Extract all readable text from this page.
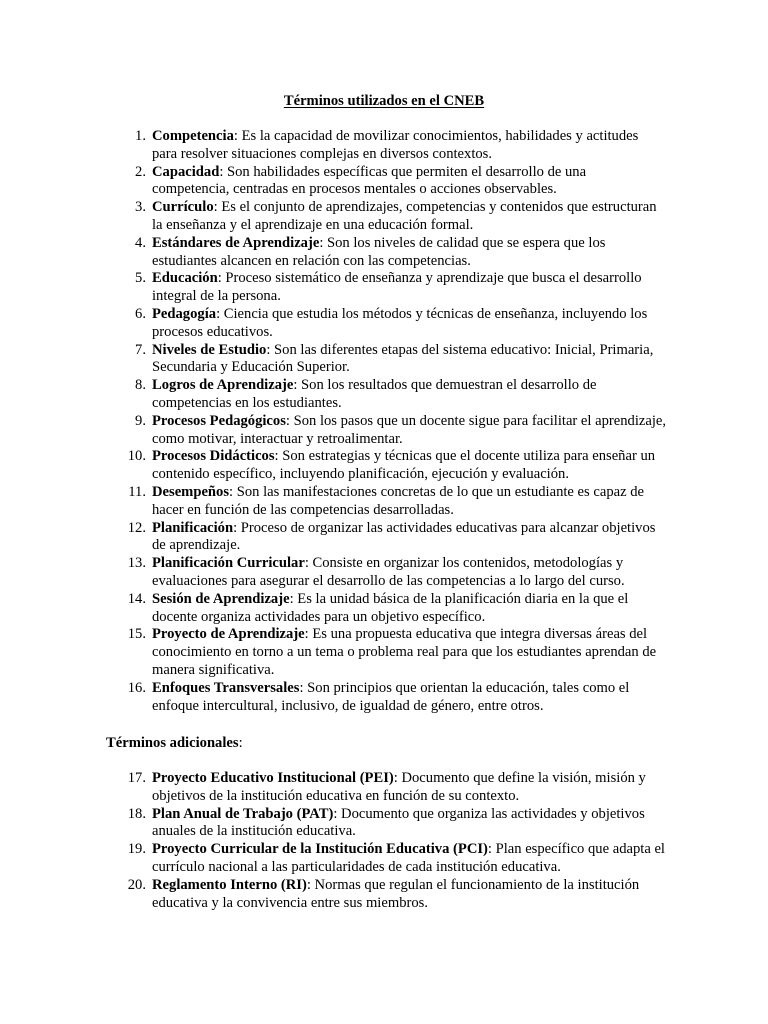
Términos utilizados en el CNEB
1. Competencia: Es la capacidad de movilizar conocimientos, habilidades y actitudes para resolver situaciones complejas en diversos contextos.
2. Capacidad: Son habilidades específicas que permiten el desarrollo de una competencia, centradas en procesos mentales o acciones observables.
3. Currículo: Es el conjunto de aprendizajes, competencias y contenidos que estructuran la enseñanza y el aprendizaje en una educación formal.
4. Estándares de Aprendizaje: Son los niveles de calidad que se espera que los estudiantes alcancen en relación con las competencias.
5. Educación: Proceso sistemático de enseñanza y aprendizaje que busca el desarrollo integral de la persona.
6. Pedagogía: Ciencia que estudia los métodos y técnicas de enseñanza, incluyendo los procesos educativos.
7. Niveles de Estudio: Son las diferentes etapas del sistema educativo: Inicial, Primaria, Secundaria y Educación Superior.
8. Logros de Aprendizaje: Son los resultados que demuestran el desarrollo de competencias en los estudiantes.
9. Procesos Pedagógicos: Son los pasos que un docente sigue para facilitar el aprendizaje, como motivar, interactuar y retroalimentar.
10. Procesos Didácticos: Son estrategias y técnicas que el docente utiliza para enseñar un contenido específico, incluyendo planificación, ejecución y evaluación.
11. Desempeños: Son las manifestaciones concretas de lo que un estudiante es capaz de hacer en función de las competencias desarrolladas.
12. Planificación: Proceso de organizar las actividades educativas para alcanzar objetivos de aprendizaje.
13. Planificación Curricular: Consiste en organizar los contenidos, metodologías y evaluaciones para asegurar el desarrollo de las competencias a lo largo del curso.
14. Sesión de Aprendizaje: Es la unidad básica de la planificación diaria en la que el docente organiza actividades para un objetivo específico.
15. Proyecto de Aprendizaje: Es una propuesta educativa que integra diversas áreas del conocimiento en torno a un tema o problema real para que los estudiantes aprendan de manera significativa.
16. Enfoques Transversales: Son principios que orientan la educación, tales como el enfoque intercultural, inclusivo, de igualdad de género, entre otros.
Términos adicionales:
17. Proyecto Educativo Institucional (PEI): Documento que define la visión, misión y objetivos de la institución educativa en función de su contexto.
18. Plan Anual de Trabajo (PAT): Documento que organiza las actividades y objetivos anuales de la institución educativa.
19. Proyecto Curricular de la Institución Educativa (PCI): Plan específico que adapta el currículo nacional a las particularidades de cada institución educativa.
20. Reglamento Interno (RI): Normas que regulan el funcionamiento de la institución educativa y la convivencia entre sus miembros.
